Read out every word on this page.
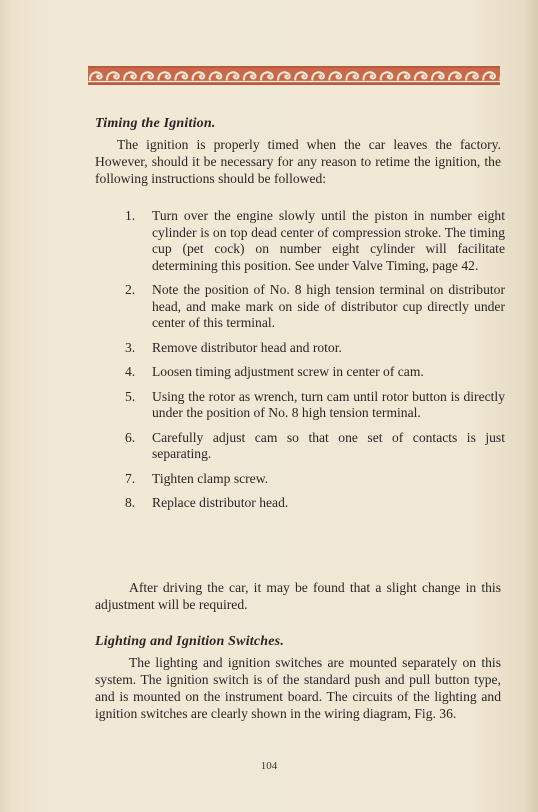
Timing the Ignition.

The ignition is properly timed when the car leaves the factory. However, should it be necessary for any reason to retime the ignition, the following instructions should be followed:

1. Turn over the engine slowly until the piston in number eight cylinder is on top dead center of compression stroke. The timing cup (pet cock) on number eight cylinder will facilitate determining this position. See under Valve Timing, page 42.
2. Note the position of No. 8 high tension terminal on distributor head, and make mark on side of distributor cup directly under center of this terminal.
3. Remove distributor head and rotor.
4. Loosen timing adjustment screw in center of cam.
5. Using the rotor as wrench, turn cam until rotor button is directly under the position of No. 8 high tension terminal.
6. Carefully adjust cam so that one set of contacts is just separating.
7. Tighten clamp screw.
8. Replace distributor head.

After driving the car, it may be found that a slight change in this adjustment will be required.

Lighting and Ignition Switches.

The lighting and ignition switches are mounted separately on this system. The ignition switch is of the standard push and pull button type, and is mounted on the instrument board. The circuits of the lighting and ignition switches are clearly shown in the wiring diagram, Fig. 36.

104
